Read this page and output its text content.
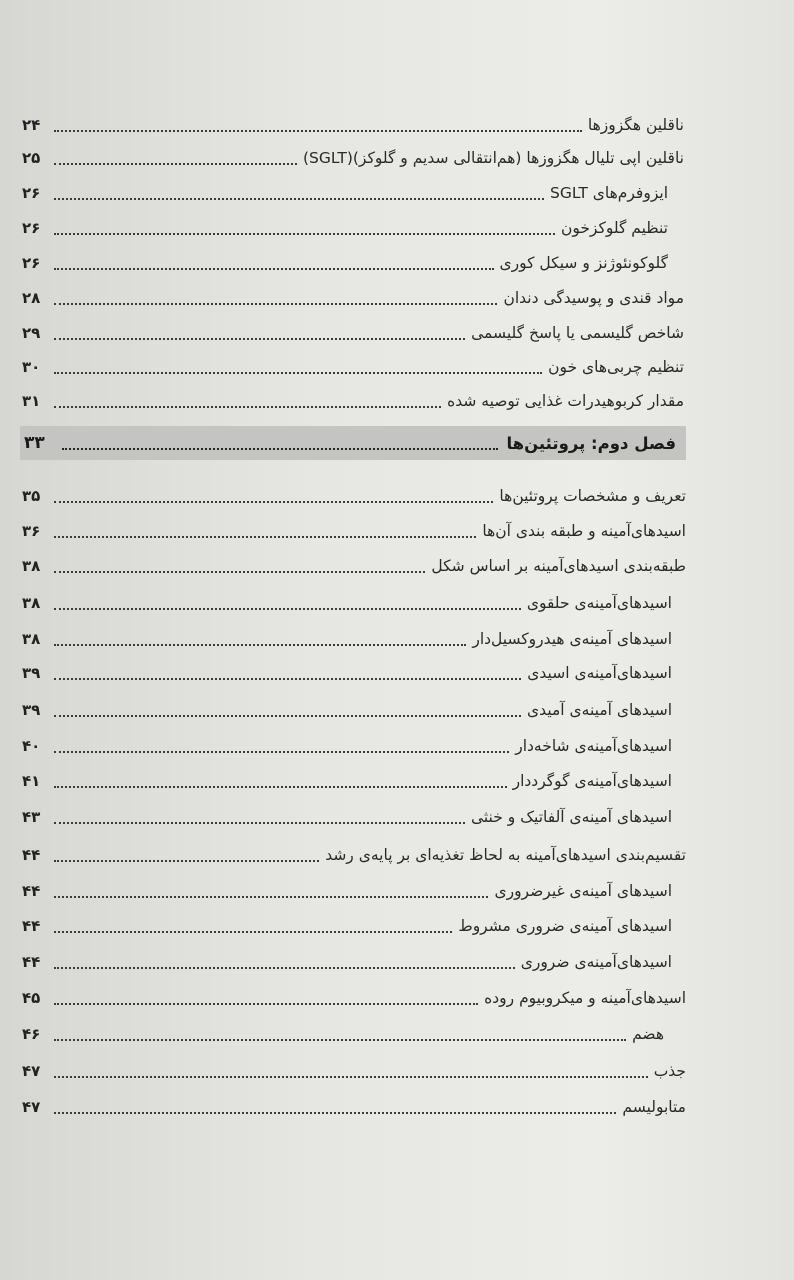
ناقلین هگزوزها
۲۴
ناقلین اپی تلیال هگزوزها (هم‌انتقالی سدیم و گلوکز)(SGLT)
۲۵
ایزوفرم‌های SGLT
۲۶
تنظیم گلوکزخون
۲۶
گلوکونئوژنز و سیکل کوری
۲۶
مواد قندی و پوسیدگی دندان
۲۸
شاخص گلیسمی یا پاسخ گلیسمی
۲۹
تنظیم چربی‌های خون
۳۰
مقدار کربوهیدرات غذایی توصیه شده
۳۱
فصل دوم: پروتئین‌ها
۳۳
تعریف و مشخصات پروتئین‌ها
۳۵
اسیدهای‌آمینه و طبقه بندی آن‌ها
۳۶
طبقه‌بندی اسیدهای‌آمینه بر اساس شکل
۳۸
اسیدهای‌آمینه‌ی حلقوی
۳۸
اسیدهای آمینه‌ی هیدروکسیل‌دار
۳۸
اسیدهای‌آمینه‌ی اسیدی
۳۹
اسیدهای آمینه‌ی آمیدی
۳۹
اسیدهای‌آمینه‌ی شاخه‌دار
۴۰
اسیدهای‌آمینه‌ی گوگرددار
۴۱
اسیدهای آمینه‌ی آلفاتیک و خنثی
۴۳
تقسیم‌بندی اسیدهای‌آمینه به لحاظ تغذیه‌ای بر پایه‌ی رشد
۴۴
اسیدهای آمینه‌ی غیرضروری
۴۴
اسیدهای آمینه‌ی ضروری مشروط
۴۴
اسیدهای‌آمینه‌ی ضروری
۴۴
اسیدهای‌آمینه و میکروبیوم روده
۴۵
هضم
۴۶
جذب
۴۷
متابولیسم
۴۷
